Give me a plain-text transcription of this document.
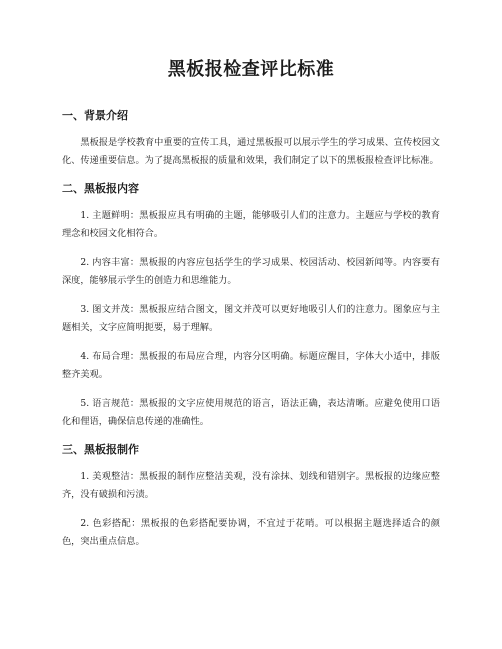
黑板报检查评比标准
一、背景介绍

黑板报是学校教育中重要的宣传工具，通过黑板报可以展示学生的学习成果、宣传校园文化、传递重要信息。为了提高黑板报的质量和效果，我们制定了以下的黑板报检查评比标准。

二、黑板报内容

1. 主题鲜明：黑板报应具有明确的主题，能够吸引人们的注意力。主题应与学校的教育理念和校园文化相符合。

2. 内容丰富：黑板报的内容应包括学生的学习成果、校园活动、校园新闻等。内容要有深度，能够展示学生的创造力和思维能力。

3. 图文并茂：黑板报应结合图文，图文并茂可以更好地吸引人们的注意力。图象应与主题相关，文字应简明扼要，易于理解。

4. 布局合理：黑板报的布局应合理，内容分区明确。标题应醒目，字体大小适中，排版整齐美观。

5. 语言规范：黑板报的文字应使用规范的语言，语法正确，表达清晰。应避免使用口语化和俚语，确保信息传递的准确性。

三、黑板报制作

1. 美观整洁：黑板报的制作应整洁美观，没有涂抹、划线和错别字。黑板报的边缘应整齐，没有破损和污渍。

2. 色彩搭配：黑板报的色彩搭配要协调，不宜过于花哨。可以根据主题选择适合的颜色，突出重点信息。
